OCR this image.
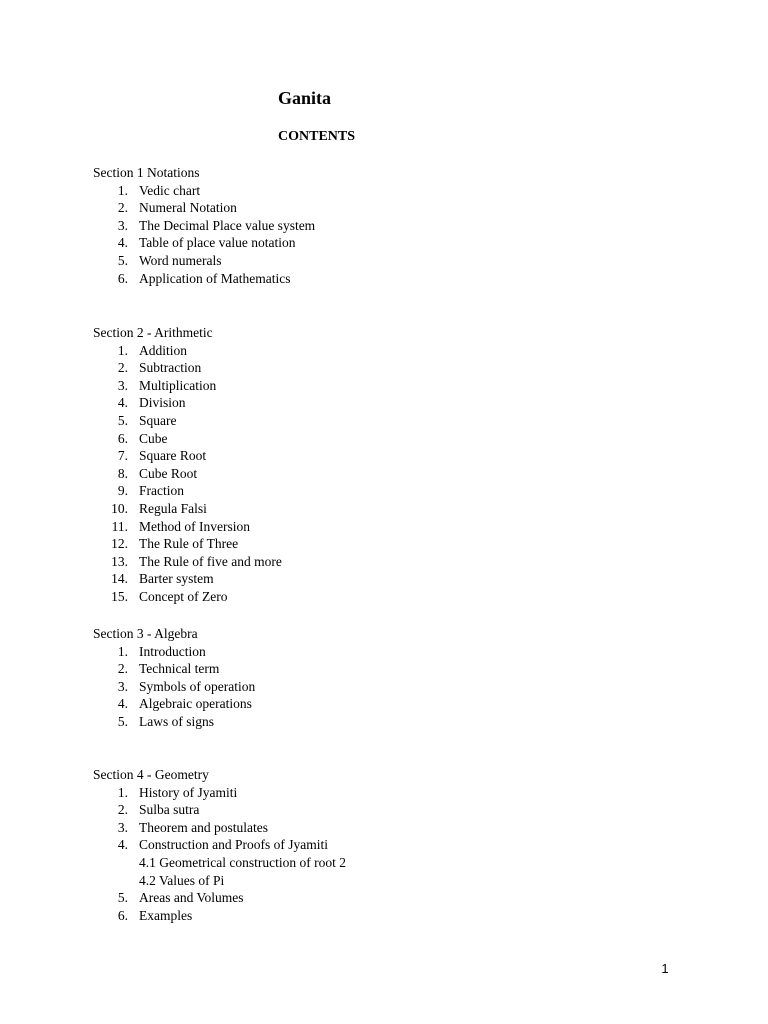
Ganita
CONTENTS
Section 1 Notations
1. Vedic chart
2. Numeral Notation
3. The Decimal Place value system
4. Table of place value notation
5. Word numerals
6. Application of Mathematics
Section 2 - Arithmetic
1. Addition
2. Subtraction
3. Multiplication
4. Division
5. Square
6. Cube
7. Square Root
8. Cube Root
9. Fraction
10. Regula Falsi
11. Method of Inversion
12. The Rule of Three
13. The Rule of five and more
14. Barter system
15. Concept of Zero
Section 3 - Algebra
1. Introduction
2. Technical term
3. Symbols of operation
4. Algebraic operations
5. Laws of signs
Section 4 - Geometry
1. History of Jyamiti
2. Sulba sutra
3. Theorem and postulates
4. Construction and Proofs of Jyamiti
4.1 Geometrical construction of root 2
4.2 Values of Pi
5. Areas and Volumes
6. Examples
1
